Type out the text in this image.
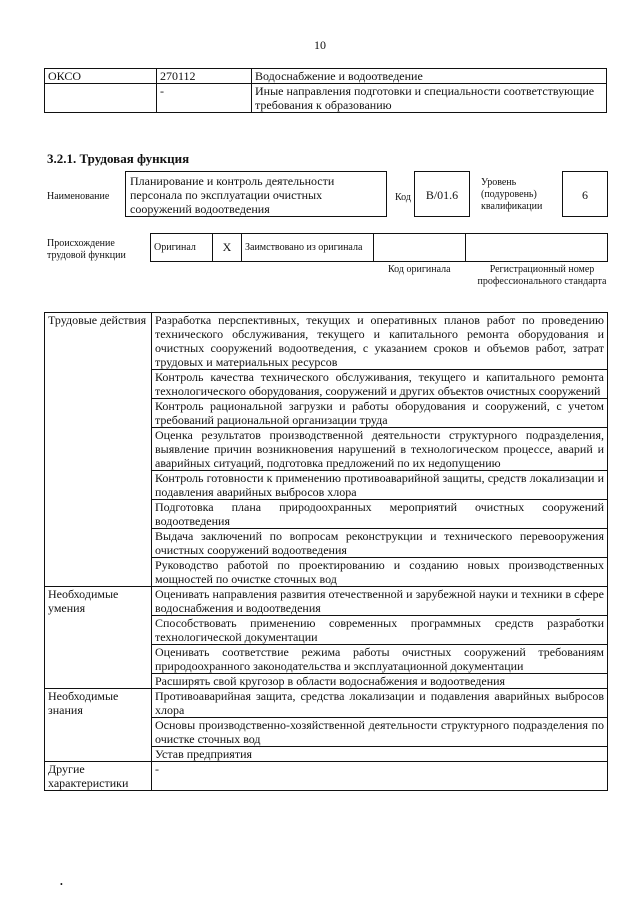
10
ОКСО	270112	Водоснабжение и водоотведение
	-	Иные направления подготовки и специальности соответствующие требования к образованию
3.2.1. Трудовая функция
Наименование
Планирование и контроль деятельности персонала по эксплуатации очистных сооружений водоотведения
Код	В/01.6
Уровень (подуровень) квалификации
6
Происхождение трудовой функции
Оригинал	X	Заимствовано из оригинала		
Код оригинала	Регистрационный номер профессионального стандарта
Трудовые действия	Разработка перспективных, текущих и оперативных планов работ по проведению технического обслуживания, текущего и капитального ремонта оборудования и очистных сооружений водоотведения, с указанием сроков и объемов работ, затрат трудовых и материальных ресурсов
	Контроль качества технического обслуживания, текущего и капитального ремонта технологического оборудования, сооружений и других объектов очистных сооружений
	Контроль рациональной загрузки и работы оборудования и сооружений, с учетом требований рациональной организации труда
	Оценка результатов производственной деятельности структурного подразделения, выявление причин возникновения нарушений в технологическом процессе, аварий и аварийных ситуаций, подготовка предложений по их недопущению
	Контроль готовности к применению противоаварийной защиты, средств локализации и подавления аварийных выбросов хлора
	Подготовка плана природоохранных мероприятий очистных сооружений водоотведения
	Выдача заключений по вопросам реконструкции и технического перевооружения очистных сооружений водоотведения
	Руководство работой по проектированию и созданию новых производственных мощностей по очистке сточных вод
Необходимые умения	Оценивать направления развития отечественной и зарубежной науки и техники в сфере водоснабжения и водоотведения
	Способствовать применению современных программных средств разработки технологической документации
	Оценивать соответствие режима работы очистных сооружений требованиям природоохранного законодательства и эксплуатационной документации
	Расширять свой кругозор в области водоснабжения и водоотведения
Необходимые знания	Противоаварийная защита, средства локализации и подавления аварийных выбросов хлора
	Основы производственно-хозяйственной деятельности структурного подразделения по очистке сточных вод
	Устав предприятия
Другие характеристики	-
•
